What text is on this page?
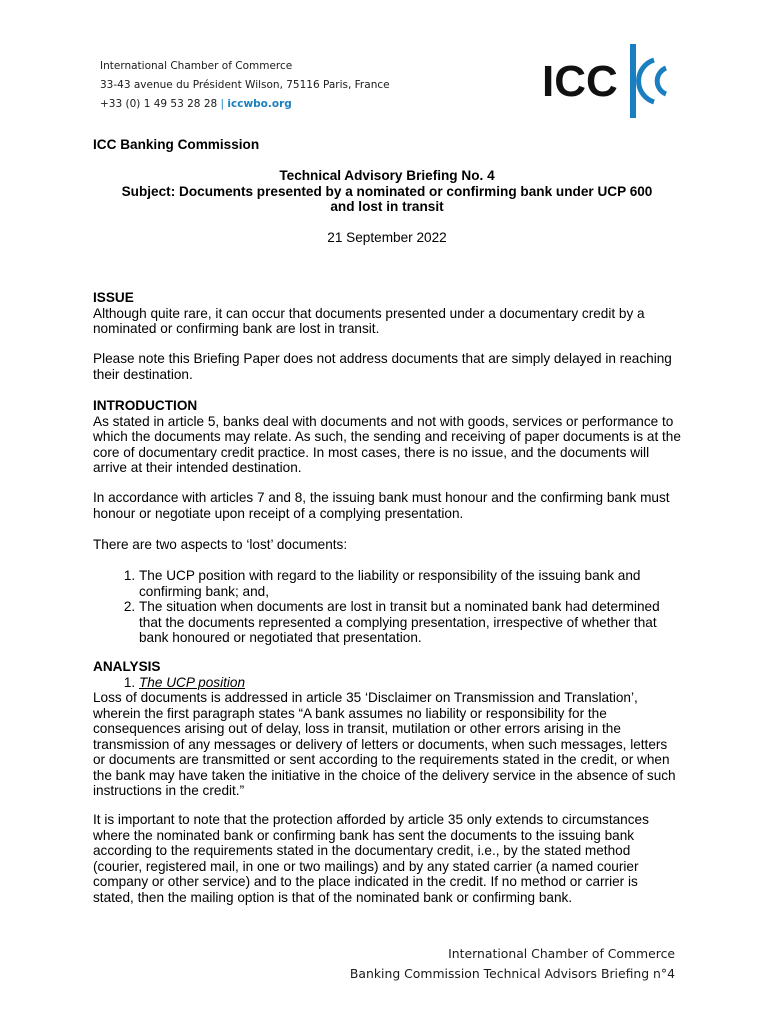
International Chamber of Commerce
33-43 avenue du Président Wilson, 75116 Paris, France
+33 (0) 1 49 53 28 28 | iccwbo.org	ICC
ICC Banking Commission
Technical Advisory Briefing No. 4
Subject: Documents presented by a nominated or confirming bank under UCP 600
and lost in transit
21 September 2022
ISSUE

Although quite rare, it can occur that documents presented under a documentary credit by a nominated or confirming bank are lost in transit.

Please note this Briefing Paper does not address documents that are simply delayed in reaching their destination.

INTRODUCTION

As stated in article 5, banks deal with documents and not with goods, services or performance to which the documents may relate. As such, the sending and receiving of paper documents is at the core of documentary credit practice. In most cases, there is no issue, and the documents will arrive at their intended destination.

In accordance with articles 7 and 8, the issuing bank must honour and the confirming bank must honour or negotiate upon receipt of a complying presentation.

There are two aspects to ‘lost’ documents:

1. The UCP position with regard to the liability or responsibility of the issuing bank and confirming bank; and,
2. The situation when documents are lost in transit but a nominated bank had determined that the documents represented a complying presentation, irrespective of whether that bank honoured or negotiated that presentation.
ANALYSIS
1. The UCP position

Loss of documents is addressed in article 35 ‘Disclaimer on Transmission and Translation’, wherein the first paragraph states “A bank assumes no liability or responsibility for the consequences arising out of delay, loss in transit, mutilation or other errors arising in the transmission of any messages or delivery of letters or documents, when such messages, letters or documents are transmitted or sent according to the requirements stated in the credit, or when the bank may have taken the initiative in the choice of the delivery service in the absence of such instructions in the credit.”

It is important to note that the protection afforded by article 35 only extends to circumstances where the nominated bank or confirming bank has sent the documents to the issuing bank according to the requirements stated in the documentary credit, i.e., by the stated method (courier, registered mail, in one or two mailings) and by any stated carrier (a named courier company or other service) and to the place indicated in the credit. If no method or carrier is stated, then the mailing option is that of the nominated bank or confirming bank.

International Chamber of Commerce
Banking Commission Technical Advisors Briefing n°4
